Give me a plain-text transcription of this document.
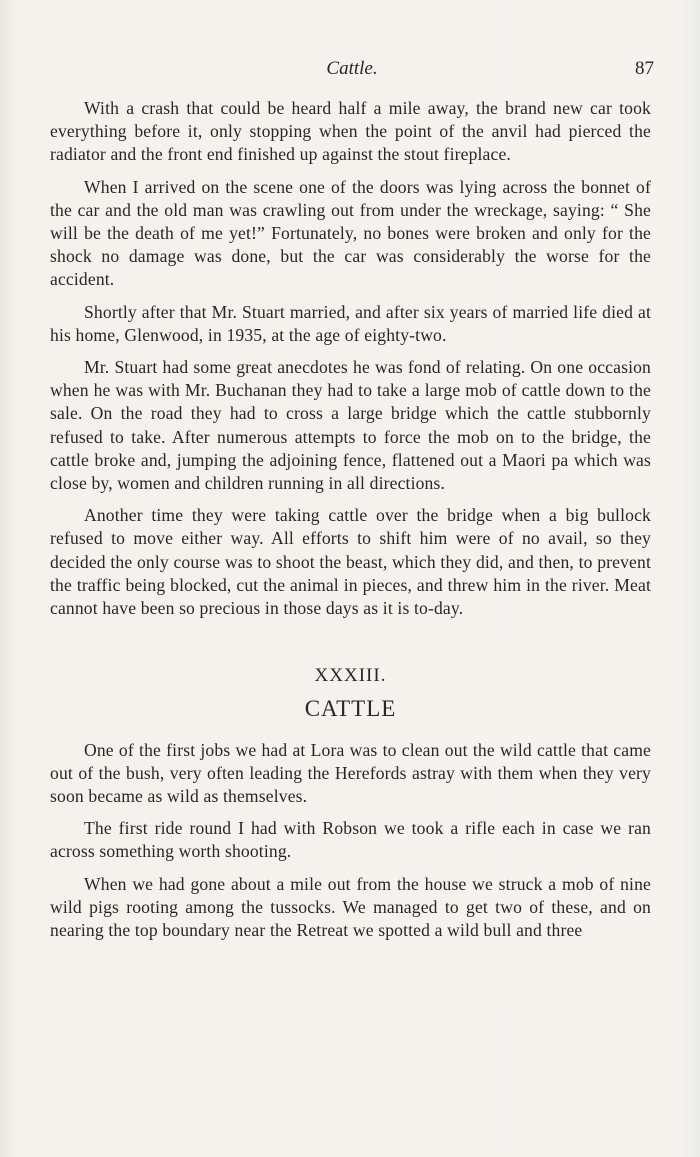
Cattle.	87

With a crash that could be heard half a mile away, the brand new car took everything before it, only stopping when the point of the anvil had pierced the radiator and the front end finished up against the stout fireplace.

When I arrived on the scene one of the doors was lying across the bonnet of the car and the old man was crawling out from under the wreckage, saying: “ She will be the death of me yet!” Fortunately, no bones were broken and only for the shock no damage was done, but the car was considerably the worse for the accident.

Shortly after that Mr. Stuart married, and after six years of married life died at his home, Glenwood, in 1935, at the age of eighty-two.

Mr. Stuart had some great anecdotes he was fond of relating. On one occasion when he was with Mr. Buchanan they had to take a large mob of cattle down to the sale. On the road they had to cross a large bridge which the cattle stubbornly refused to take. After numerous attempts to force the mob on to the bridge, the cattle broke and, jumping the adjoining fence, flattened out a Maori pa which was close by, women and children running in all directions.

Another time they were taking cattle over the bridge when a big bullock refused to move either way. All efforts to shift him were of no avail, so they decided the only course was to shoot the beast, which they did, and then, to prevent the traffic being blocked, cut the animal in pieces, and threw him in the river. Meat cannot have been so precious in those days as it is to-day.

XXXIII.
CATTLE

One of the first jobs we had at Lora was to clean out the wild cattle that came out of the bush, very often leading the Herefords astray with them when they very soon became as wild as themselves.

The first ride round I had with Robson we took a rifle each in case we ran across something worth shooting.

When we had gone about a mile out from the house we struck a mob of nine wild pigs rooting among the tussocks. We managed to get two of these, and on nearing the top boundary near the Retreat we spotted a wild bull and three
